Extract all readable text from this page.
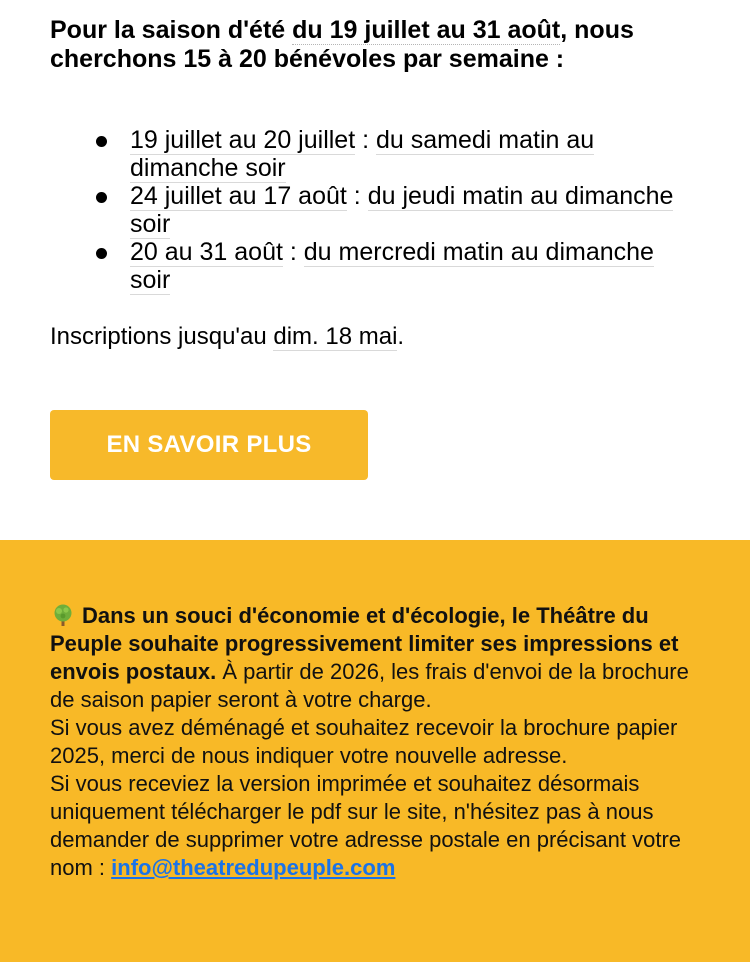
Pour la saison d'été du 19 juillet au 31 août, nous cherchons 15 à 20 bénévoles par semaine :

19 juillet au 20 juillet : du samedi matin au dimanche soir
24 juillet au 17 août : du jeudi matin au dimanche soir
20 au 31 août : du mercredi matin au dimanche soir

Inscriptions jusqu'au dim. 18 mai.

EN SAVOIR PLUS

Dans un souci d'économie et d'écologie, le Théâtre du Peuple souhaite progressivement limiter ses impressions et envois postaux. À partir de 2026, les frais d'envoi de la brochure de saison papier seront à votre charge.
Si vous avez déménagé et souhaitez recevoir la brochure papier 2025, merci de nous indiquer votre nouvelle adresse.
Si vous receviez la version imprimée et souhaitez désormais uniquement télécharger le pdf sur le site, n'hésitez pas à nous demander de supprimer votre adresse postale en précisant votre nom : info@theatredupeuple.com
